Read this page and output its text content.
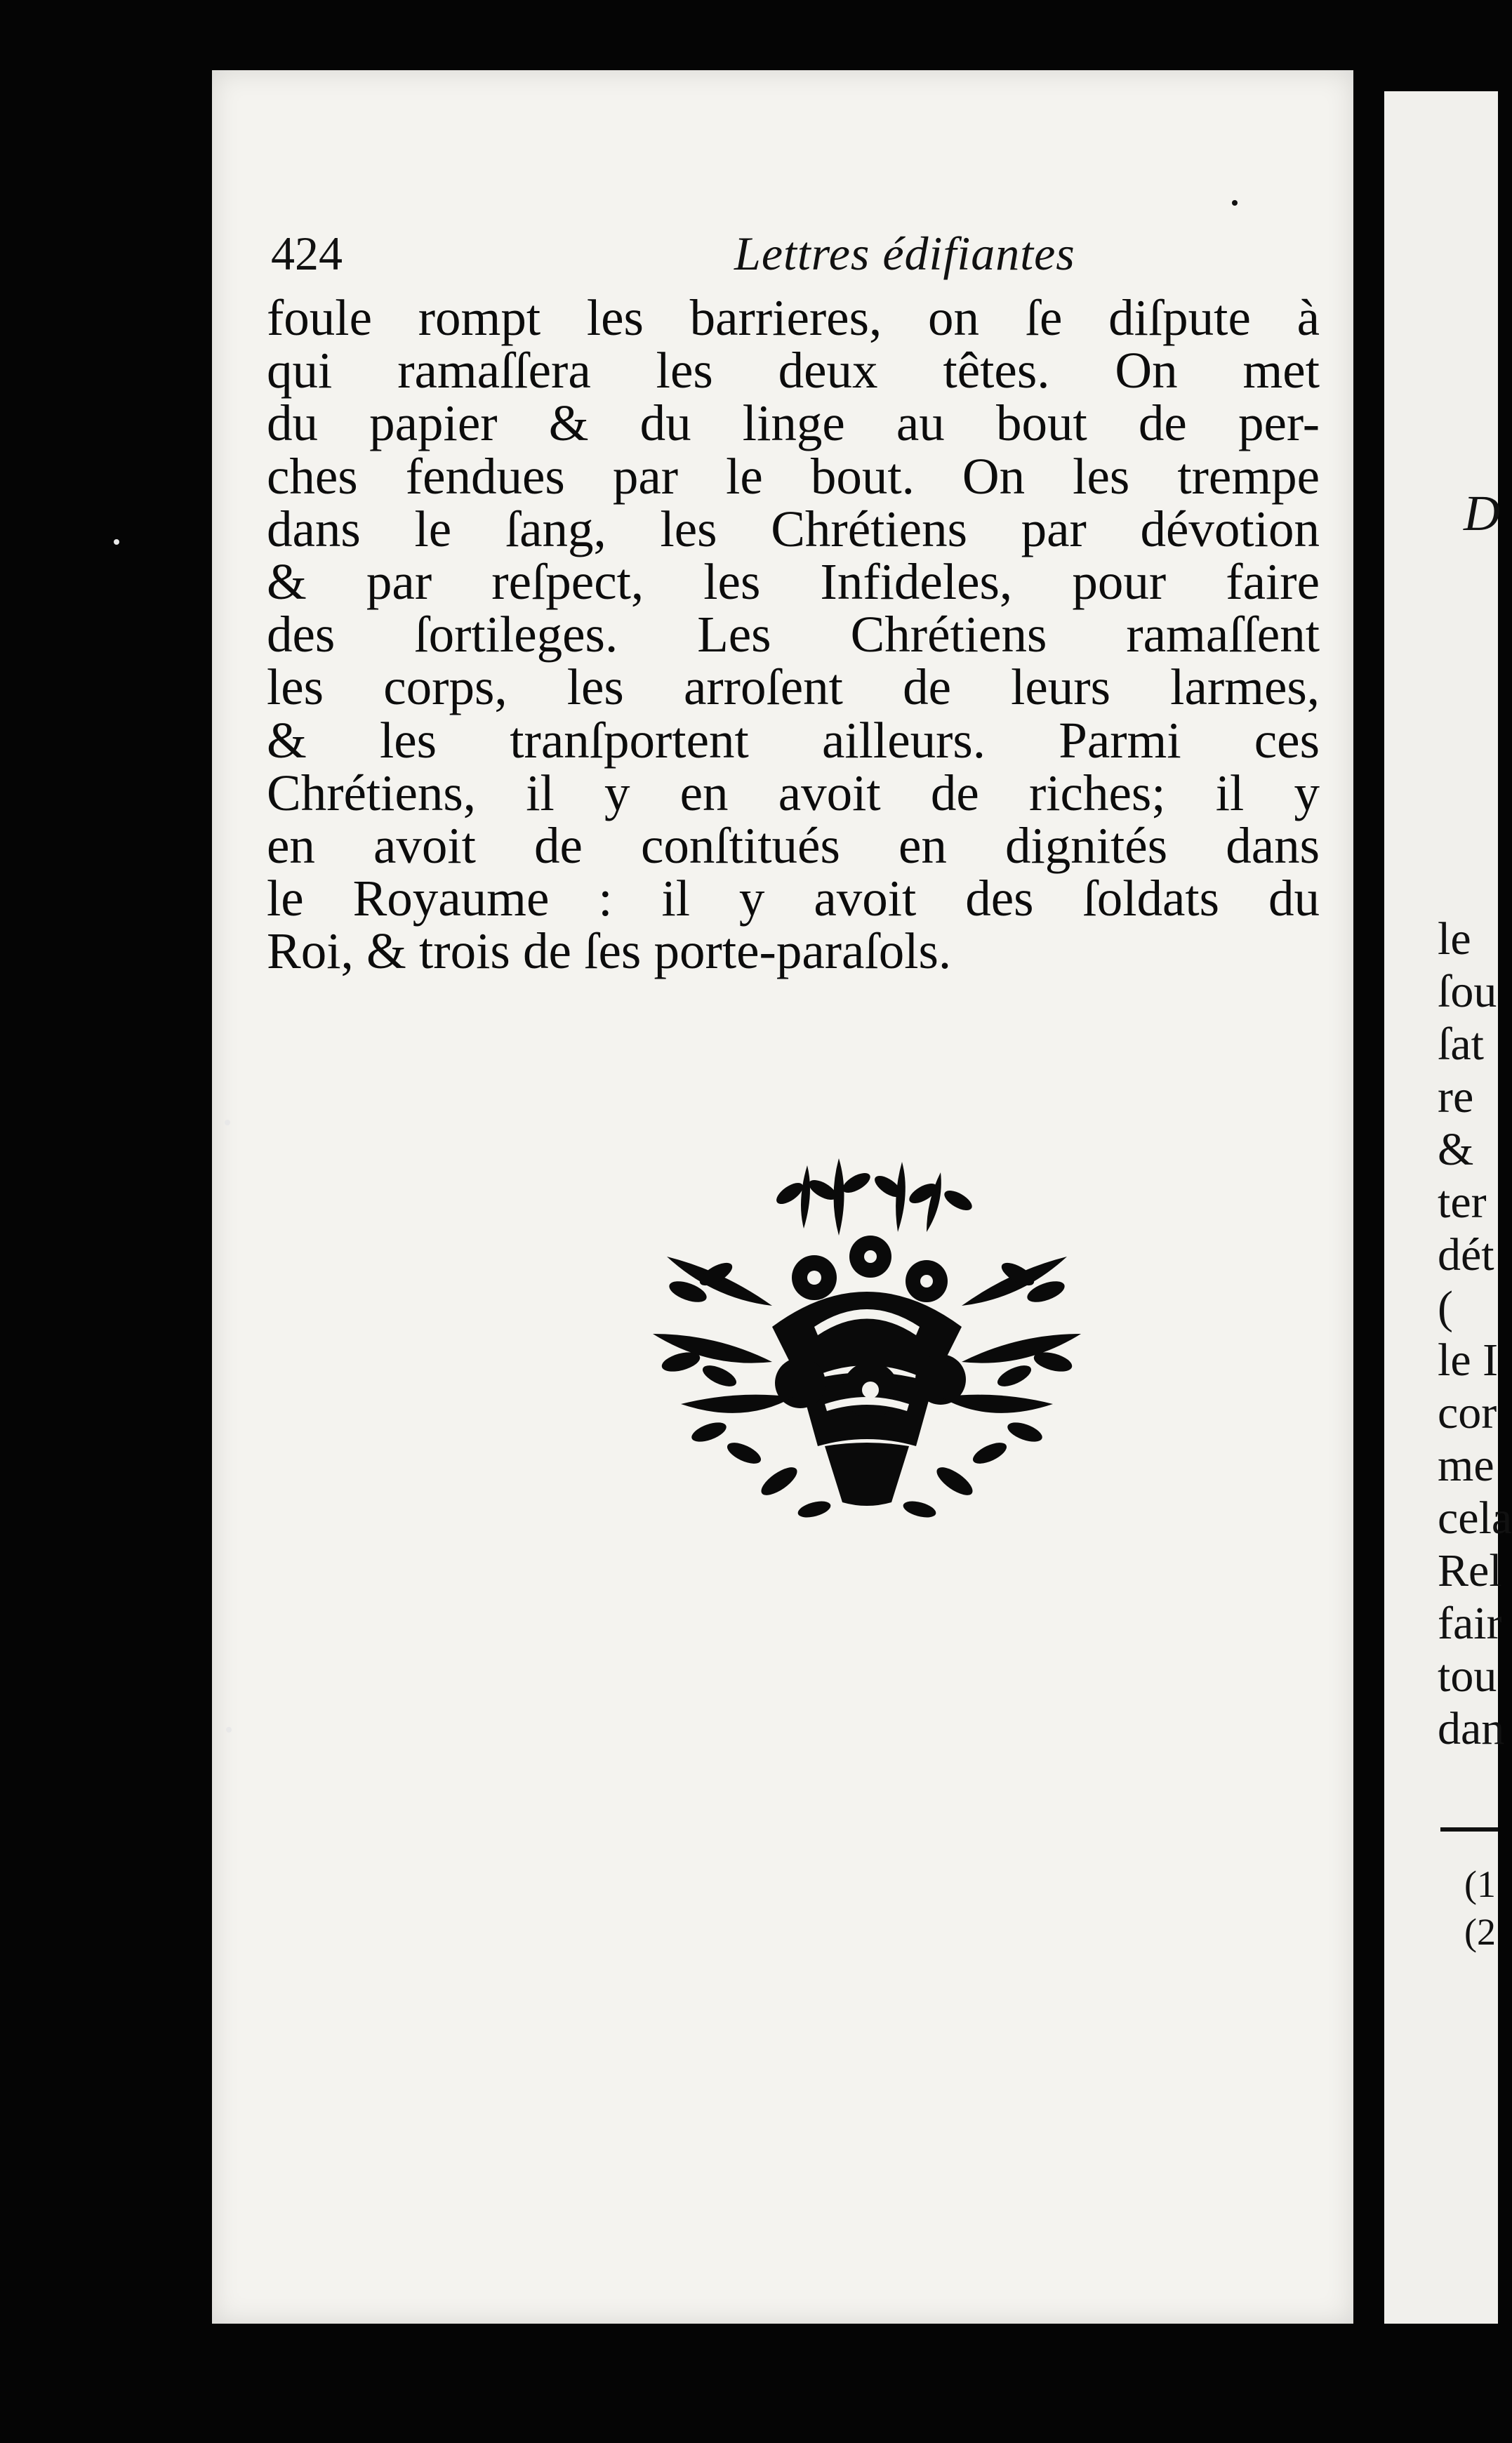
424	Lettres édifiantes
foule rompt les barrieres, on ſe diſpute à
qui ramaſſera les deux têtes. On met
du papier & du linge au bout de per-
ches fendues par le bout. On les trempe
dans le ſang, les Chrétiens par dévotion
& par reſpect, les Infideles, pour faire
des ſortileges. Les Chrétiens ramaſſent
les corps, les arroſent de leurs larmes,
& les tranſportent ailleurs. Parmi ces
Chrétiens, il y en avoit de riches; il y
en avoit de conſtitués en dignités dans
le Royaume : il y avoit des ſoldats du
Roi, & trois de ſes porte-paraſols.
D
le
ſou
ſat
re
&
ter
dét
(
le I
cor
me
cela
Rel
fair
tou
dan
(1
(2
